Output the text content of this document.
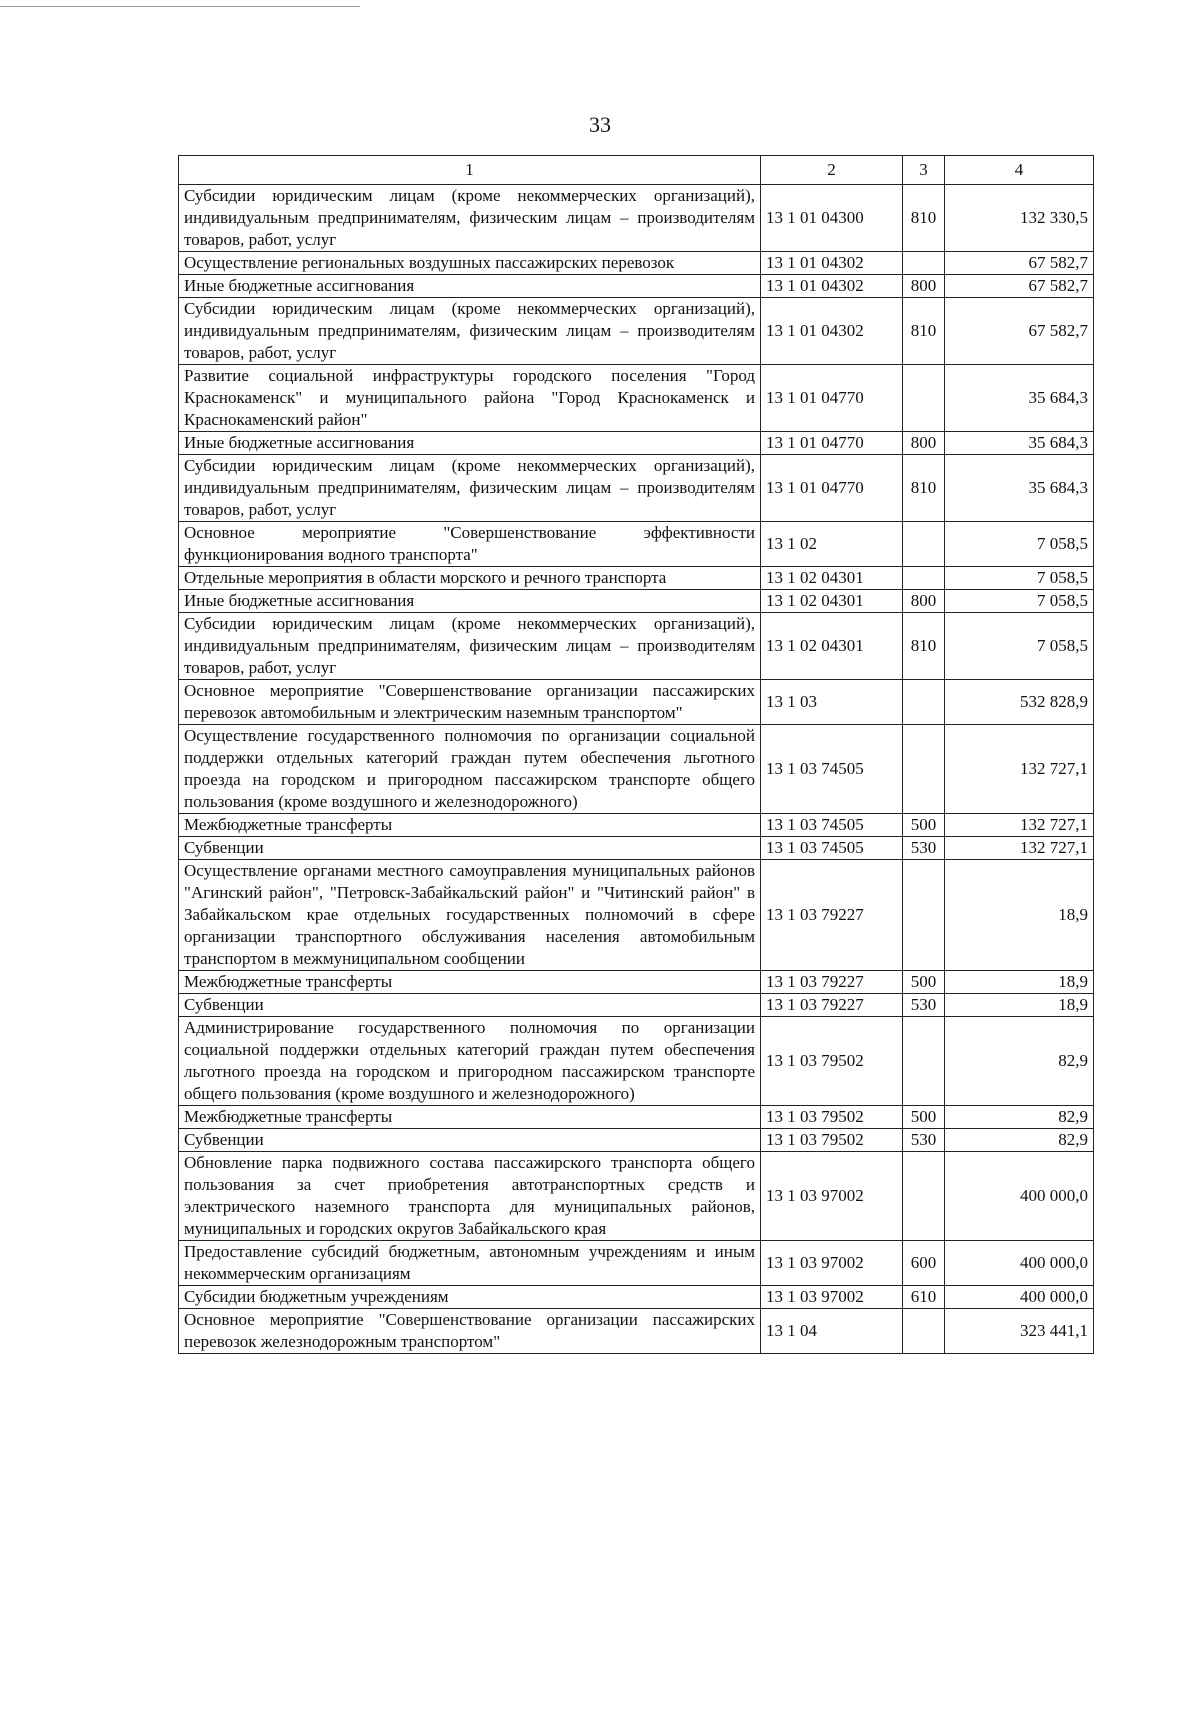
33
1	2	3	4
Субсидии юридическим лицам (кроме некоммерческих организаций), индивидуальным предпринимателям, физическим лицам – производителям товаров, работ, услуг	13 1 01 04300	810	132 330,5
Осуществление региональных воздушных пассажирских перевозок	13 1 01 04302		67 582,7
Иные бюджетные ассигнования	13 1 01 04302	800	67 582,7
Субсидии юридическим лицам (кроме некоммерческих организаций), индивидуальным предпринимателям, физическим лицам – производителям товаров, работ, услуг	13 1 01 04302	810	67 582,7
Развитие социальной инфраструктуры городского поселения "Город Краснокаменск" и муниципального района "Город Краснокаменск и Краснокаменский район"	13 1 01 04770		35 684,3
Иные бюджетные ассигнования	13 1 01 04770	800	35 684,3
Субсидии юридическим лицам (кроме некоммерческих организаций), индивидуальным предпринимателям, физическим лицам – производителям товаров, работ, услуг	13 1 01 04770	810	35 684,3
Основное мероприятие "Совершенствование эффективности функционирования водного транспорта"	13 1 02		7 058,5
Отдельные мероприятия в области морского и речного транспорта	13 1 02 04301		7 058,5
Иные бюджетные ассигнования	13 1 02 04301	800	7 058,5
Субсидии юридическим лицам (кроме некоммерческих организаций), индивидуальным предпринимателям, физическим лицам – производителям товаров, работ, услуг	13 1 02 04301	810	7 058,5
Основное мероприятие "Совершенствование организации пассажирских перевозок автомобильным и электрическим наземным транспортом"	13 1 03		532 828,9
Осуществление государственного полномочия по организации социальной поддержки отдельных категорий граждан путем обеспечения льготного проезда на городском и пригородном пассажирском транспорте общего пользования (кроме воздушного и железнодорожного)	13 1 03 74505		132 727,1
Межбюджетные трансферты	13 1 03 74505	500	132 727,1
Субвенции	13 1 03 74505	530	132 727,1
Осуществление органами местного самоуправления муниципальных районов "Агинский район", "Петровск-Забайкальский район" и "Читинский район" в Забайкальском крае отдельных государственных полномочий в сфере организации транспортного обслуживания населения автомобильным транспортом в межмуниципальном сообщении	13 1 03 79227		18,9
Межбюджетные трансферты	13 1 03 79227	500	18,9
Субвенции	13 1 03 79227	530	18,9
Администрирование государственного полномочия по организации социальной поддержки отдельных категорий граждан путем обеспечения льготного проезда на городском и пригородном пассажирском транспорте общего пользования (кроме воздушного и железнодорожного)	13 1 03 79502		82,9
Межбюджетные трансферты	13 1 03 79502	500	82,9
Субвенции	13 1 03 79502	530	82,9
Обновление парка подвижного состава пассажирского транспорта общего пользования за счет приобретения автотранспортных средств и электрического наземного транспорта для муниципальных районов, муниципальных и городских округов Забайкальского края	13 1 03 97002		400 000,0
Предоставление субсидий бюджетным, автономным учреждениям и иным некоммерческим организациям	13 1 03 97002	600	400 000,0
Субсидии бюджетным учреждениям	13 1 03 97002	610	400 000,0
Основное мероприятие "Совершенствование организации пассажирских перевозок железнодорожным транспортом"	13 1 04		323 441,1
